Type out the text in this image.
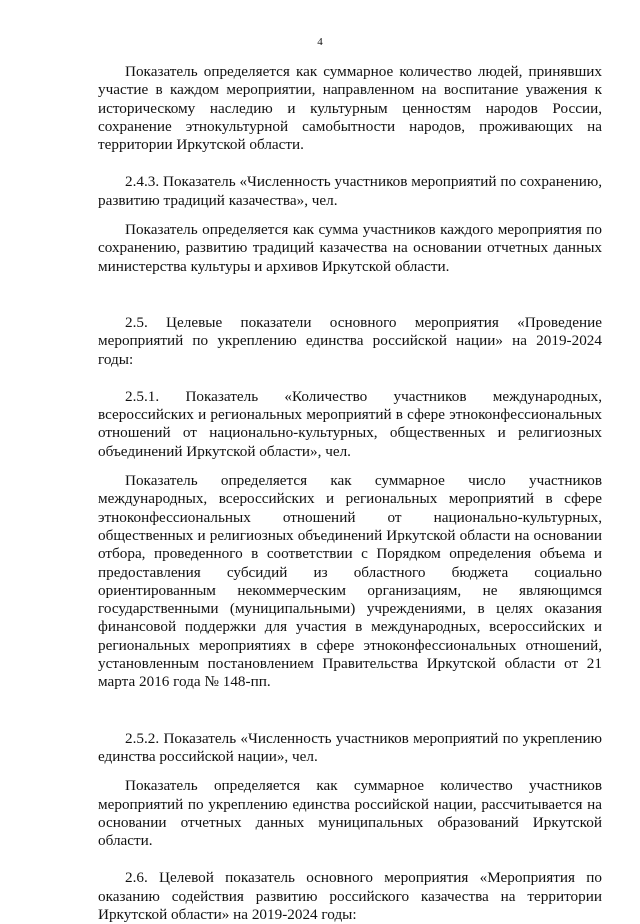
4

Показатель определяется как суммарное количество людей, принявших участие в каждом мероприятии, направленном на воспитание уважения к историческому наследию и культурным ценностям народов России, сохранение этнокультурной самобытности народов, проживающих на территории Иркутской области.

2.4.3. Показатель «Численность участников мероприятий по сохранению, развитию традиций казачества», чел.

Показатель определяется как сумма участников каждого мероприятия по сохранению, развитию традиций казачества на основании отчетных данных министерства культуры и архивов Иркутской области.

2.5. Целевые показатели основного мероприятия «Проведение мероприятий по укреплению единства российской нации» на 2019-2024 годы:

2.5.1. Показатель «Количество участников международных, всероссийских и региональных мероприятий в сфере этноконфессиональных отношений от национально-культурных, общественных и религиозных объединений Иркутской области», чел.

Показатель определяется как суммарное число участников международных, всероссийских и региональных мероприятий в сфере этноконфессиональных отношений от национально-культурных, общественных и религиозных объединений Иркутской области на основании отбора, проведенного в соответствии с Порядком определения объема и предоставления субсидий из областного бюджета социально ориентированным некоммерческим организациям, не являющимся государственными (муниципальными) учреждениями, в целях оказания финансовой поддержки для участия в международных, всероссийских и региональных мероприятиях в сфере этноконфессиональных отношений, установленным постановлением Правительства Иркутской области от 21 марта 2016 года № 148-пп.

2.5.2. Показатель «Численность участников мероприятий по укреплению единства российской нации», чел.

Показатель определяется как суммарное количество участников мероприятий по укреплению единства российской нации, рассчитывается на основании отчетных данных муниципальных образований Иркутской области.

2.6. Целевой показатель основного мероприятия «Мероприятия по оказанию содействия развитию российского казачества на территории Иркутской области» на 2019-2024 годы:
